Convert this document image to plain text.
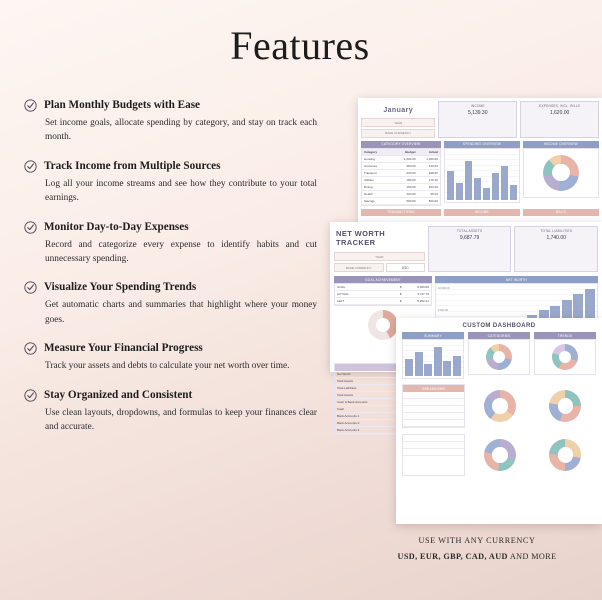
Features
Plan Monthly Budgets with Ease
Set income goals, allocate spending by category, and stay on track each month.
Track Income from Multiple Sources
Log all your income streams and see how they contribute to your total earnings.
Monitor Day-to-Day Expenses
Record and categorize every expense to identify habits and cut unnecessary spending.
Visualize Your Spending Trends
Get automatic charts and summaries that highlight where your money goes.
Measure Your Financial Progress
Track your assets and debts to calculate your net worth over time.
Stay Organized and Consistent
Use clean layouts, dropdowns, and formulas to keep your finances clear and accurate.
January
YEAR
BASE CURRENCY
INCOME
5,139.30
EXPENSES, INCL. BILLS
1,620.00
CATEGORY OVERVIEW
Category	Budget	Actual
Housing	1,200.00	1,180.00
Groceries	450.00	412.60
Transport	220.00	198.00
Utilities	180.00	176.40
Dining	150.00	162.00
Health	120.00	95.00
Savings	500.00	500.00
SPENDING OVERVIEW	INCOME OVERVIEW
TRANSACTIONS	INCOME	BILLS
NET WORTH TRACKER
YEAR
BASE CURRENCY	USD
TOTAL ASSETS
9,687.79
TOTAL LIABILITIES
1,740.00
GOAL ACHIEVEMENT
GOAL	$	9,000.00
ACTUAL	$	3,747.79
LEFT	$	5,252.21
NET WORTH
10,500.00
9,000.00

Net Worth
Total Assets
Total Liabilities
Total Assets
Cash & Bank Accounts
Cash
Bank Accounts 1
Bank Accounts 2
Bank Accounts 3
CUSTOM DASHBOARD
SUMMARY	CATEGORIES	TRENDS
BREAKDOWN

USE WITH ANY CURRENCY
USD, EUR, GBP, CAD, AUD AND MORE
